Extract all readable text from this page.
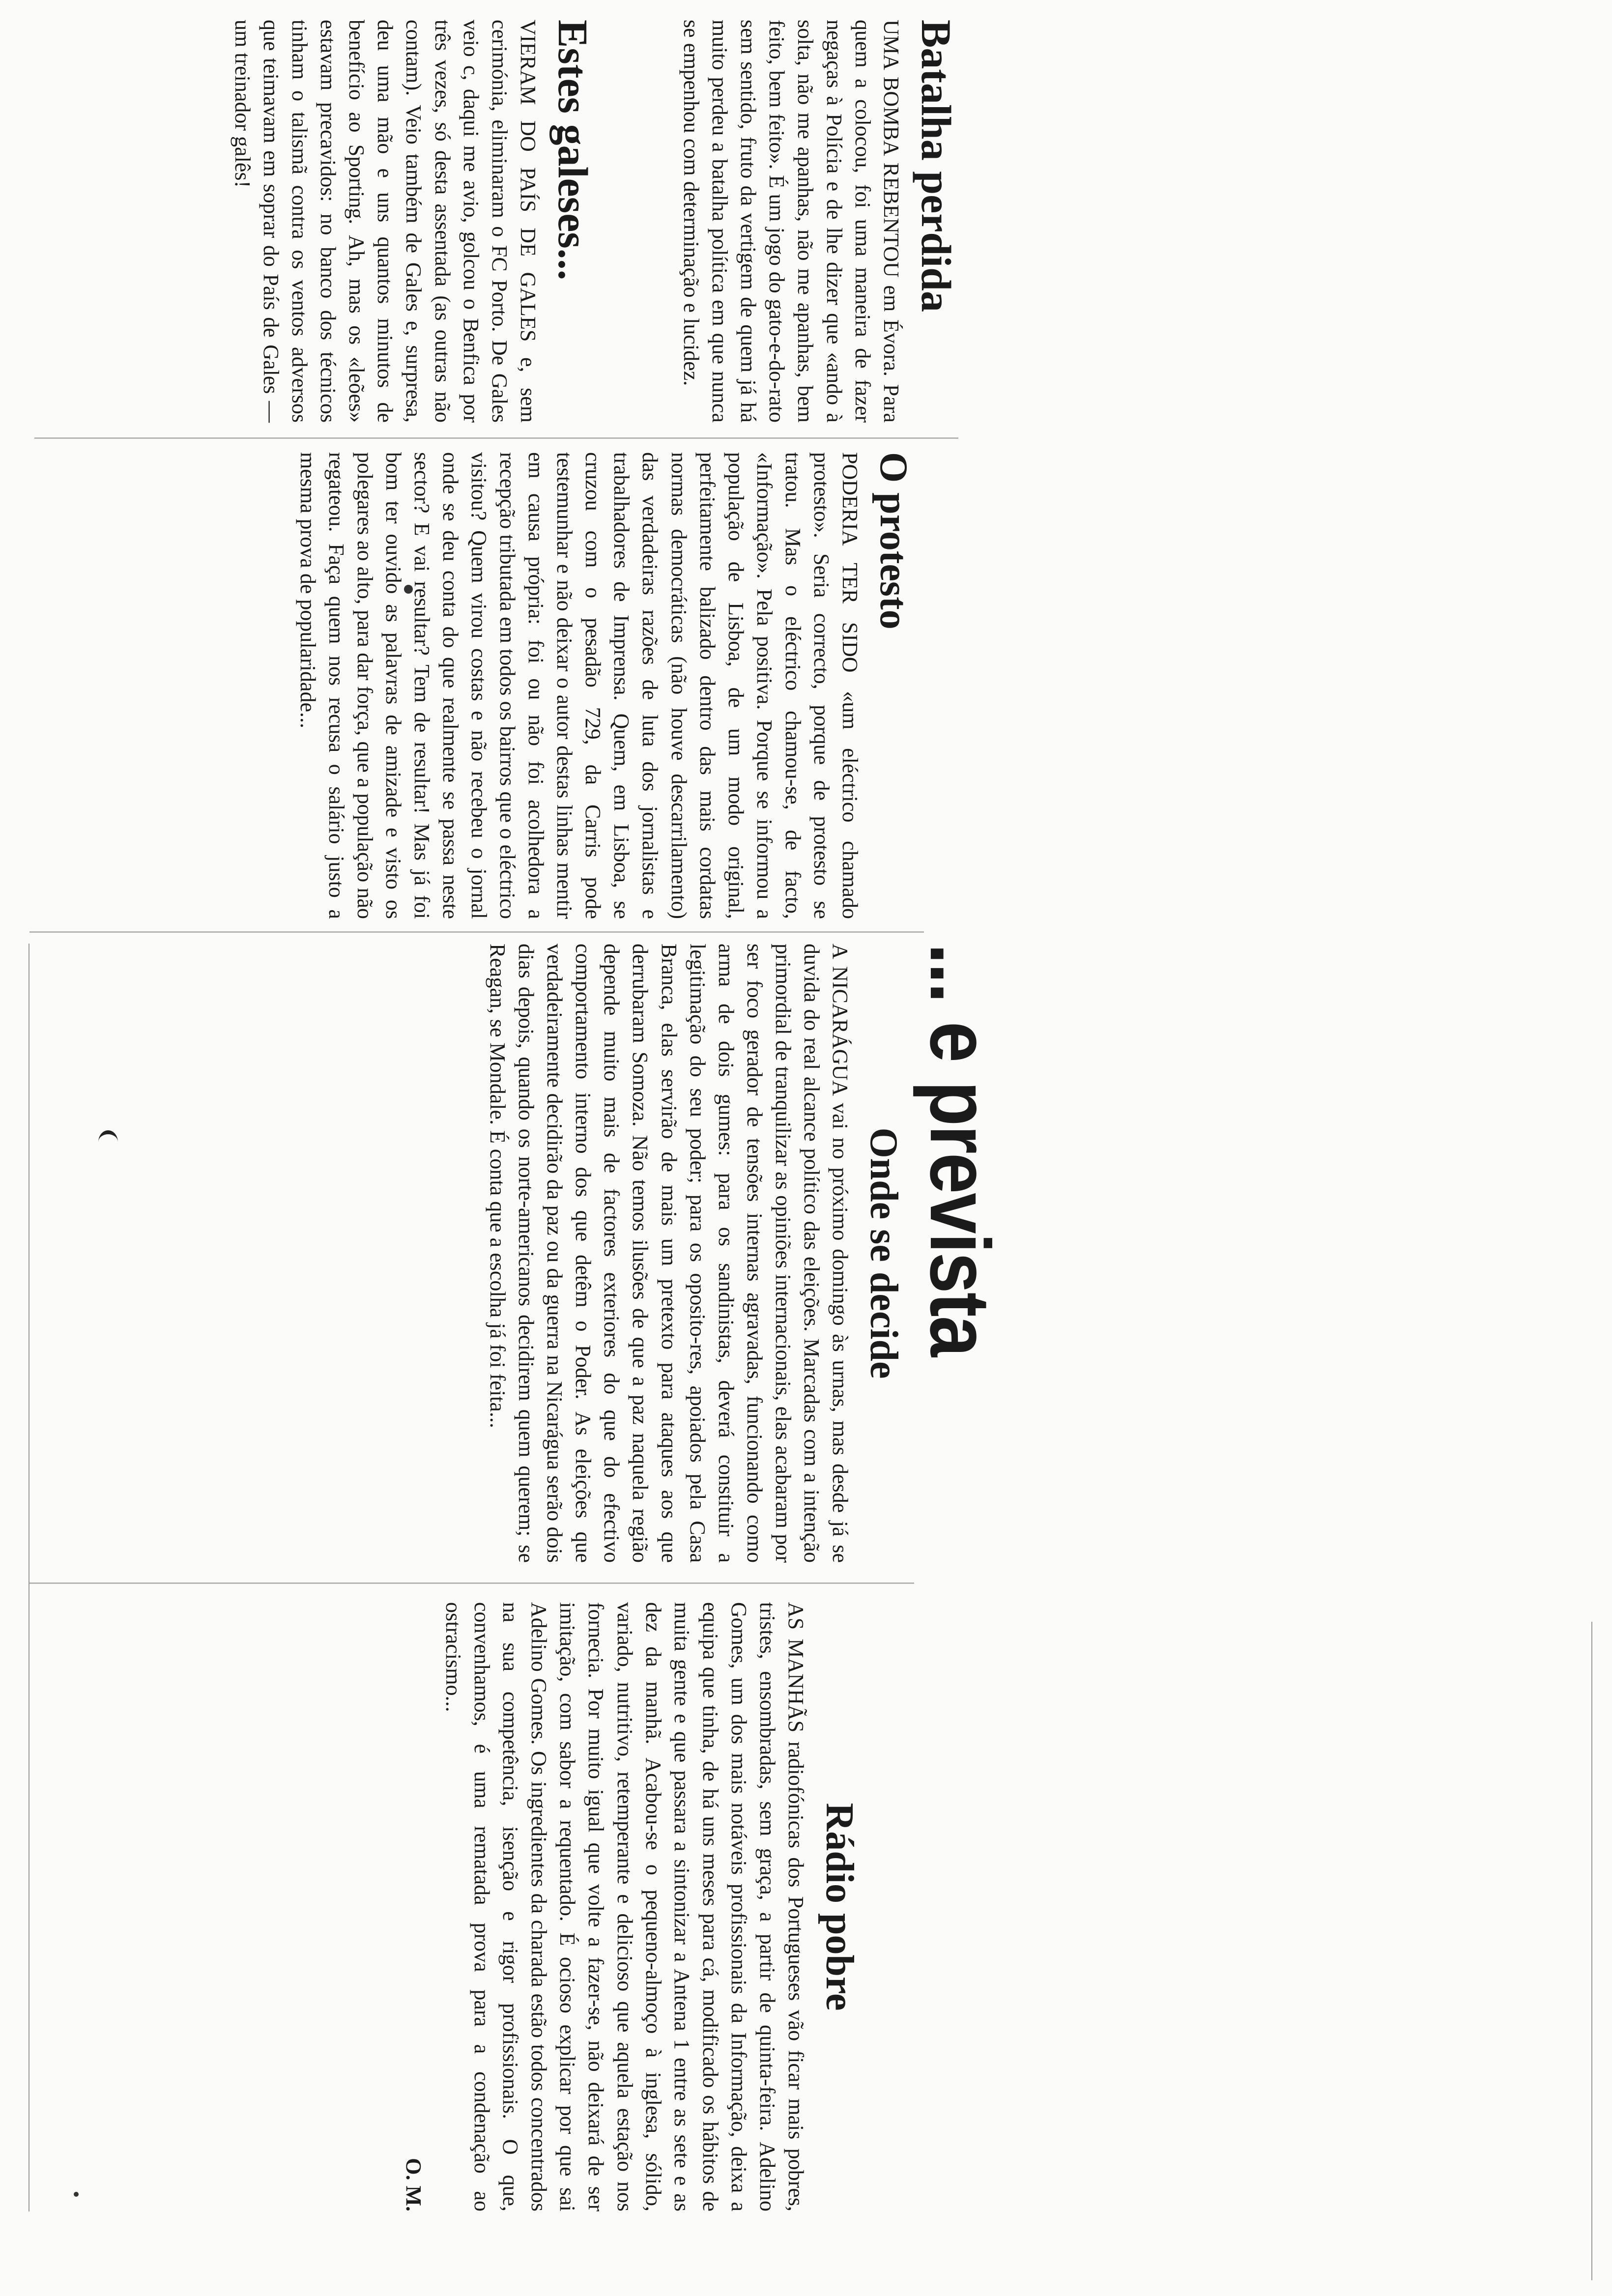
Batalha perdida

UMA BOMBA REBENTOU em Évora. Para quem a colocou, foi uma maneira de fazer negaças à Polícia e de lhe dizer que «ando à solta, não me apanhas, não me apanhas, bem feito, bem feito». É um jogo do gato-e-do-rato sem sentido, fruto da vertigem de quem já há muito perdeu a batalha política em que nunca se empenhou com determinação e lucidez.

Estes galeses...

VIERAM DO PAÍS DE GALES e, sem cerimónia, eliminaram o FC Porto. De Gales veio c, daqui me avio, golcou o Benfica por três vezes, só desta assentada (as outras não contam). Veio também de Gales e, surpresa, deu uma mão e uns quantos minutos de benefício ao Sporting. Ah, mas os «leões» estavam precavidos: no banco dos técnicos tinham o talismã contra os ventos adversos que teimavam em soprar do País de Gales — um treinador galês!

O protesto

PODERIA TER SIDO «um eléctrico chamado protesto». Seria correcto, porque de protesto se tratou. Mas o eléctrico chamou-se, de facto, «Informação». Pela positiva. Porque se informou a população de Lisboa, de um modo original, perfeitamente balizado dentro das mais cordatas normas democráticas (não houve descarrilamento) das verdadeiras razões de luta dos jornalistas e trabalhadores de Imprensa. Quem, em Lisboa, se cruzou com o pesadão 729, da Carris pode testemunhar e não deixar o autor destas linhas mentir em causa própria: foi ou não foi acolhedora a recepção tributada em todos os bairros que o eléctrico visitou? Quem virou costas e não recebeu o jornal onde se deu conta do que realmente se passa neste sector? E vai resultar? Tem de resultar! Mas já foi bom ter ouvido as palavras de amizade e visto os polegares ao alto, para dar força, que a população não regateou. Faça quem nos recusa o salário justo a mesma prova de popularidade...

... e prevista
Onde se decide

A NICARÁGUA vai no próximo domingo às urnas, mas desde já se duvida do real alcance político das eleições. Marcadas com a intenção primordial de tranquilizar as opiniões internacionais, elas acabaram por ser foco gerador de tensões internas agravadas, funcionando como arma de dois gumes: para os sandinistas, deverá constituir a legitimação do seu poder; para os oposito-res, apoiados pela Casa Branca, elas servirão de mais um pretexto para ataques aos que derrubaram Somoza. Não temos ilusões de que a paz naquela região depende muito mais de factores exteriores do que do efectivo comportamento interno dos que detêm o Poder. As eleições que verdadeiramente decidirão da paz ou da guerra na Nicarágua serão dois dias depois, quando os norte-americanos decidirem quem querem; se Reagan, se Mondale. É conta que a escolha já foi feita...

Rádio pobre

AS MANHÃS radiofónicas dos Portugueses vão ficar mais pobres, tristes, ensombradas, sem graça, a partir de quinta-feira. Adelino Gomes, um dos mais notáveis profissionais da Informação, deixa a equipa que tinha, de há uns meses para cá, modificado os hábitos de muita gente e que passara a sintonizar a Antena 1 entre as sete e as dez da manhã. Acabou-se o pequeno-almoço à inglesa, sólido, variado, nutritivo, retemperante e delicioso que aquela estação nos fornecia. Por muito igual que volte a fazer-se, não deixará de ser imitação, com sabor a requentado. É ocioso explicar por que sai Adelino Gomes. Os ingredientes da charada estão todos concentrados na sua competência, isenção e rigor profissionais. O que, convenhamos, é uma rematada prova para a condenação ao ostracismo...

O. M.
